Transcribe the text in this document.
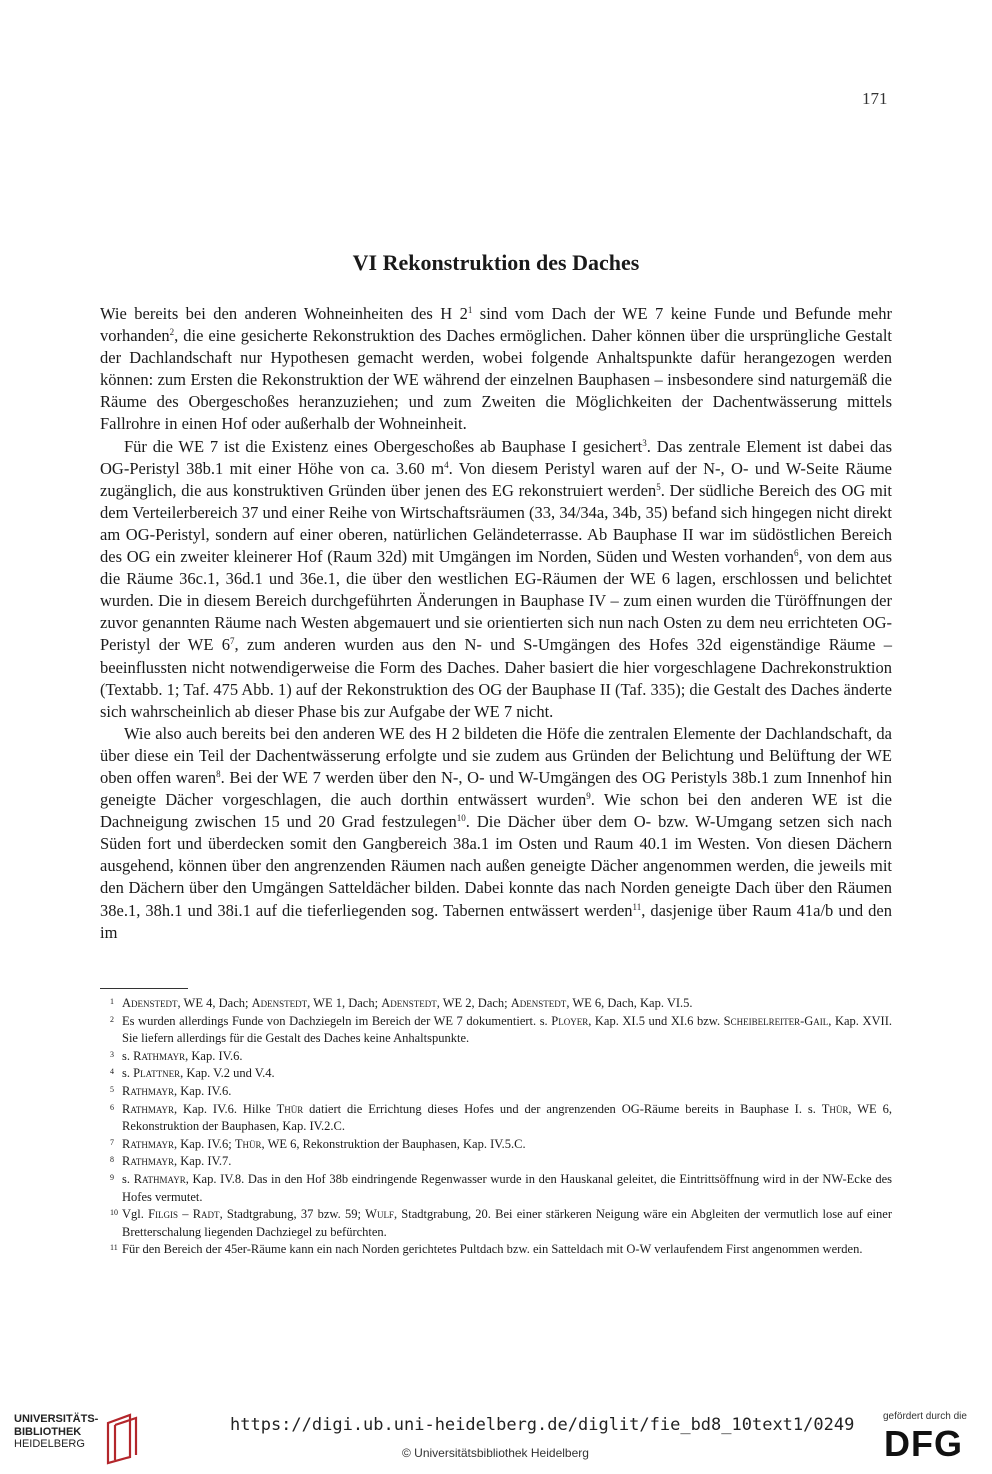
171
VI Rekonstruktion des Daches

Wie bereits bei den anderen Wohneinheiten des H $2^1$ sind vom Dach der WE 7 keine Funde und Befunde mehr vorhanden$^2$, die eine gesicherte Rekonstruktion des Daches ermöglichen. Daher können über die ursprüngliche Gestalt der Dachlandschaft nur Hypothesen gemacht werden, wobei folgende Anhaltspunkte dafür herangezogen werden können: zum Ersten die Rekonstruktion der WE während der einzelnen Bauphasen – insbesondere sind naturgemäß die Räume des Obergeschoßes heranzuziehen; und zum Zweiten die Möglichkeiten der Dachentwässerung mittels Fallrohre in einen Hof oder außerhalb der Wohneinheit.

Für die WE 7 ist die Existenz eines Obergeschoßes ab Bauphase I gesichert$^3$. Das zentrale Element ist dabei das OG-Peristyl 38b.1 mit einer Höhe von ca. 3.60 $m^4$. Von diesem Peristyl waren auf der N-, O- und W-Seite Räume zugänglich, die aus konstruktiven Gründen über jenen des EG rekonstruiert werden$^5$. Der südliche Bereich des OG mit dem Verteilerbereich 37 und einer Reihe von Wirtschaftsräumen (33, 34/34a, 34b, 35) befand sich hingegen nicht direkt am OG-Peristyl, sondern auf einer oberen, natürlichen Geländeterrasse. Ab Bauphase II war im südöstlichen Bereich des OG ein zweiter kleinerer Hof (Raum 32d) mit Umgängen im Norden, Süden und Westen vorhanden$^6$, von dem aus die Räume 36c.1, 36d.1 und 36e.1, die über den westlichen EG-Räumen der WE 6 lagen, erschlossen und belichtet wurden. Die in diesem Bereich durchgeführten Änderungen in Bauphase IV – zum einen wurden die Türöffnungen der zuvor genannten Räume nach Westen abgemauert und sie orientierten sich nun nach Osten zu dem neu errichteten OG-Peristyl der WE $6^7$, zum anderen wurden aus den N- und S-Umgängen des Hofes 32d eigenständige Räume – beeinflussten nicht notwendigerweise die Form des Daches. Daher basiert die hier vorgeschlagene Dachrekonstruktion (Textabb. 1; Taf. 475 Abb. 1) auf der Rekonstruktion des OG der Bauphase II (Taf. 335); die Gestalt des Daches änderte sich wahrscheinlich ab dieser Phase bis zur Aufgabe der WE 7 nicht.

Wie also auch bereits bei den anderen WE des H 2 bildeten die Höfe die zentralen Elemente der Dachlandschaft, da über diese ein Teil der Dachentwässerung erfolgte und sie zudem aus Gründen der Belichtung und Belüftung der WE oben offen waren$^8$. Bei der WE 7 werden über den N-, O- und W-Umgängen des OG Peristyls 38b.1 zum Innenhof hin geneigte Dächer vorgeschlagen, die auch dorthin entwässert wurden$^9$. Wie schon bei den anderen WE ist die Dachneigung zwischen 15 und 20 Grad festzulegen$^{10}$. Die Dächer über dem O- bzw. W-Umgang setzen sich nach Süden fort und überdecken somit den Gangbereich 38a.1 im Osten und Raum 40.1 im Westen. Von diesen Dächern ausgehend, können über den angrenzenden Räumen nach außen geneigte Dächer angenommen werden, die jeweils mit den Dächern über den Umgängen Satteldächer bilden. Dabei konnte das nach Norden geneigte Dach über den Räumen 38e.1, 38h.1 und 38i.1 auf die tieferliegenden sog. Tabernen entwässert werden$^{11}$, dasjenige über Raum 41a/b und den im

1 Adenstedt, WE 4, Dach; Adenstedt, WE 1, Dach; Adenstedt, WE 2, Dach; Adenstedt, WE 6, Dach, Kap. VI.5.
2 Es wurden allerdings Funde von Dachziegeln im Bereich der WE 7 dokumentiert. s. Ployer, Kap. XI.5 und XI.6 bzw. Scheibelreiter-Gail, Kap. XVII. Sie liefern allerdings für die Gestalt des Daches keine Anhaltspunkte.
3 s. Rathmayr, Kap. IV.6.
4 s. Plattner, Kap. V.2 und V.4.
5 Rathmayr, Kap. IV.6.
6 Rathmayr, Kap. IV.6. Hilke Thür datiert die Errichtung dieses Hofes und der angrenzenden OG-Räume bereits in Bauphase I. s. Thür, WE 6, Rekonstruktion der Bauphasen, Kap. IV.2.C.
7 Rathmayr, Kap. IV.6; Thür, WE 6, Rekonstruktion der Bauphasen, Kap. IV.5.C.
8 Rathmayr, Kap. IV.7.
9 s. Rathmayr, Kap. IV.8. Das in den Hof 38b eindringende Regenwasser wurde in den Hauskanal geleitet, die Eintrittsöffnung wird in der NW-Ecke des Hofes vermutet.
10 Vgl. Filgis – Radt, Stadtgrabung, 37 bzw. 59; Wulf, Stadtgrabung, 20. Bei einer stärkeren Neigung wäre ein Abgleiten der vermutlich lose auf einer Bretterschalung liegenden Dachziegel zu befürchten.
11 Für den Bereich der 45er-Räume kann ein nach Norden gerichtetes Pultdach bzw. ein Satteldach mit O-W verlaufendem First angenommen werden.
UNIVERSITÄTS-
BIBLIOTHEK
HEIDELBERG
https://digi.ub.uni-heidelberg.de/diglit/fie_bd8_10text1/0249
© Universitätsbibliothek Heidelberg
gefördert durch die
DFG
